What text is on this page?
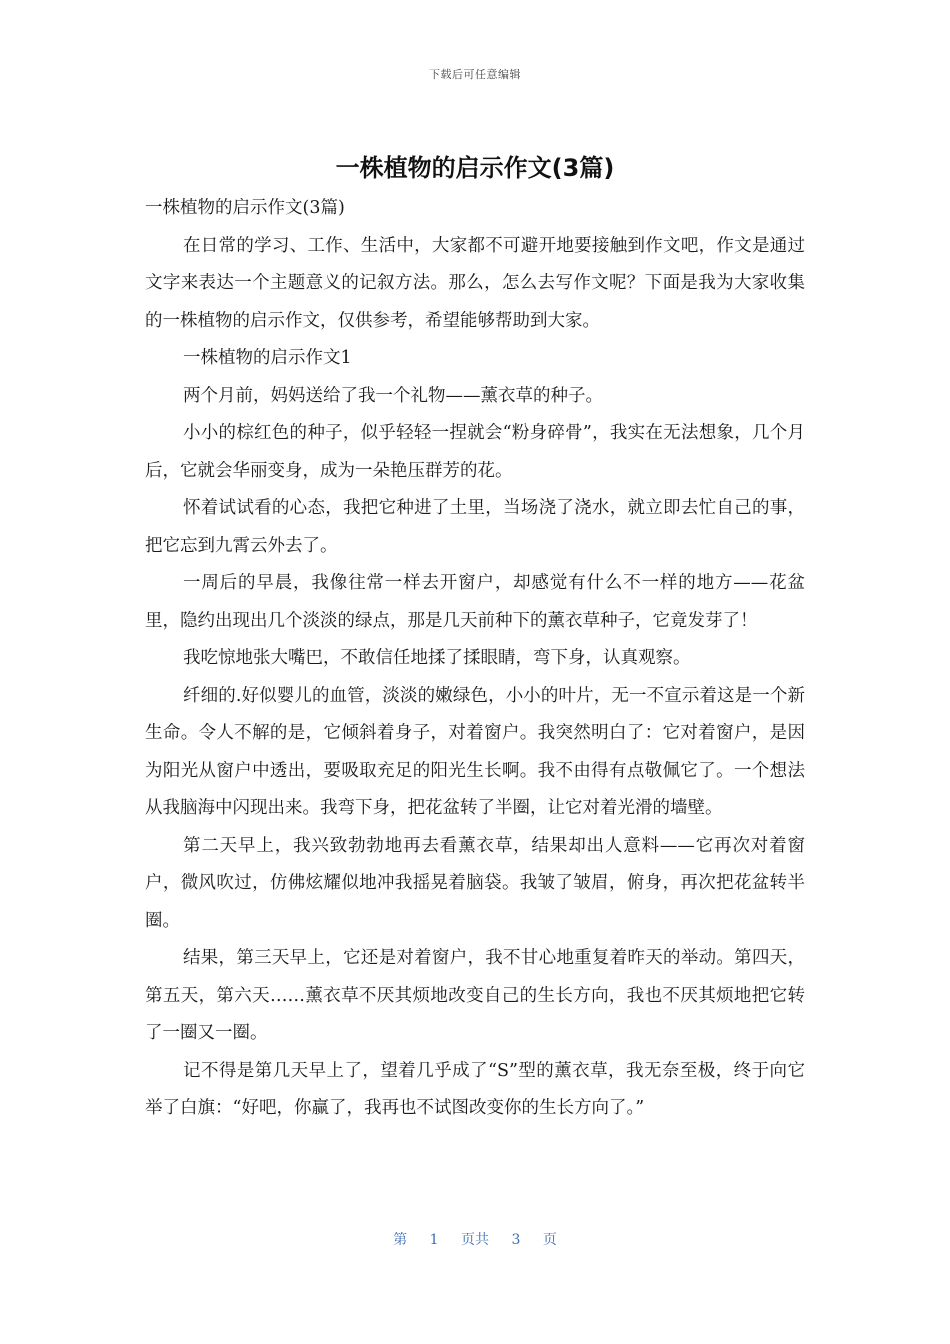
下载后可任意编辑
一株植物的启示作文(3篇)

一株植物的启示作文(3篇)

在日常的学习、工作、生活中，大家都不可避开地要接触到作文吧，作文是通过文字来表达一个主题意义的记叙方法。那么，怎么去写作文呢？下面是我为大家收集的一株植物的启示作文，仅供参考，希望能够帮助到大家。

一株植物的启示作文1

两个月前，妈妈送给了我一个礼物——薰衣草的种子。

小小的棕红色的种子，似乎轻轻一捏就会“粉身碎骨”，我实在无法想象，几个月后，它就会华丽变身，成为一朵艳压群芳的花。

怀着试试看的心态，我把它种进了土里，当场浇了浇水，就立即去忙自己的事，把它忘到九霄云外去了。

一周后的早晨，我像往常一样去开窗户，却感觉有什么不一样的地方——花盆里，隐约出现出几个淡淡的绿点，那是几天前种下的薰衣草种子，它竟发芽了！

我吃惊地张大嘴巴，不敢信任地揉了揉眼睛，弯下身，认真观察。

纤细的.好似婴儿的血管，淡淡的嫩绿色，小小的叶片，无一不宣示着这是一个新生命。令人不解的是，它倾斜着身子，对着窗户。我突然明白了：它对着窗户，是因为阳光从窗户中透出，要吸取充足的阳光生长啊。我不由得有点敬佩它了。一个想法从我脑海中闪现出来。我弯下身，把花盆转了半圈，让它对着光滑的墙壁。

第二天早上，我兴致勃勃地再去看薰衣草，结果却出人意料——它再次对着窗户，微风吹过，仿佛炫耀似地冲我摇晃着脑袋。我皱了皱眉，俯身，再次把花盆转半圈。

结果，第三天早上，它还是对着窗户，我不甘心地重复着昨天的举动。第四天，第五天，第六天……薰衣草不厌其烦地改变自己的生长方向，我也不厌其烦地把它转了一圈又一圈。

记不得是第几天早上了，望着几乎成了“S”型的薰衣草，我无奈至极，终于向它举了白旗：“好吧，你赢了，我再也不试图改变你的生长方向了。”

第 1 页共 3 页
